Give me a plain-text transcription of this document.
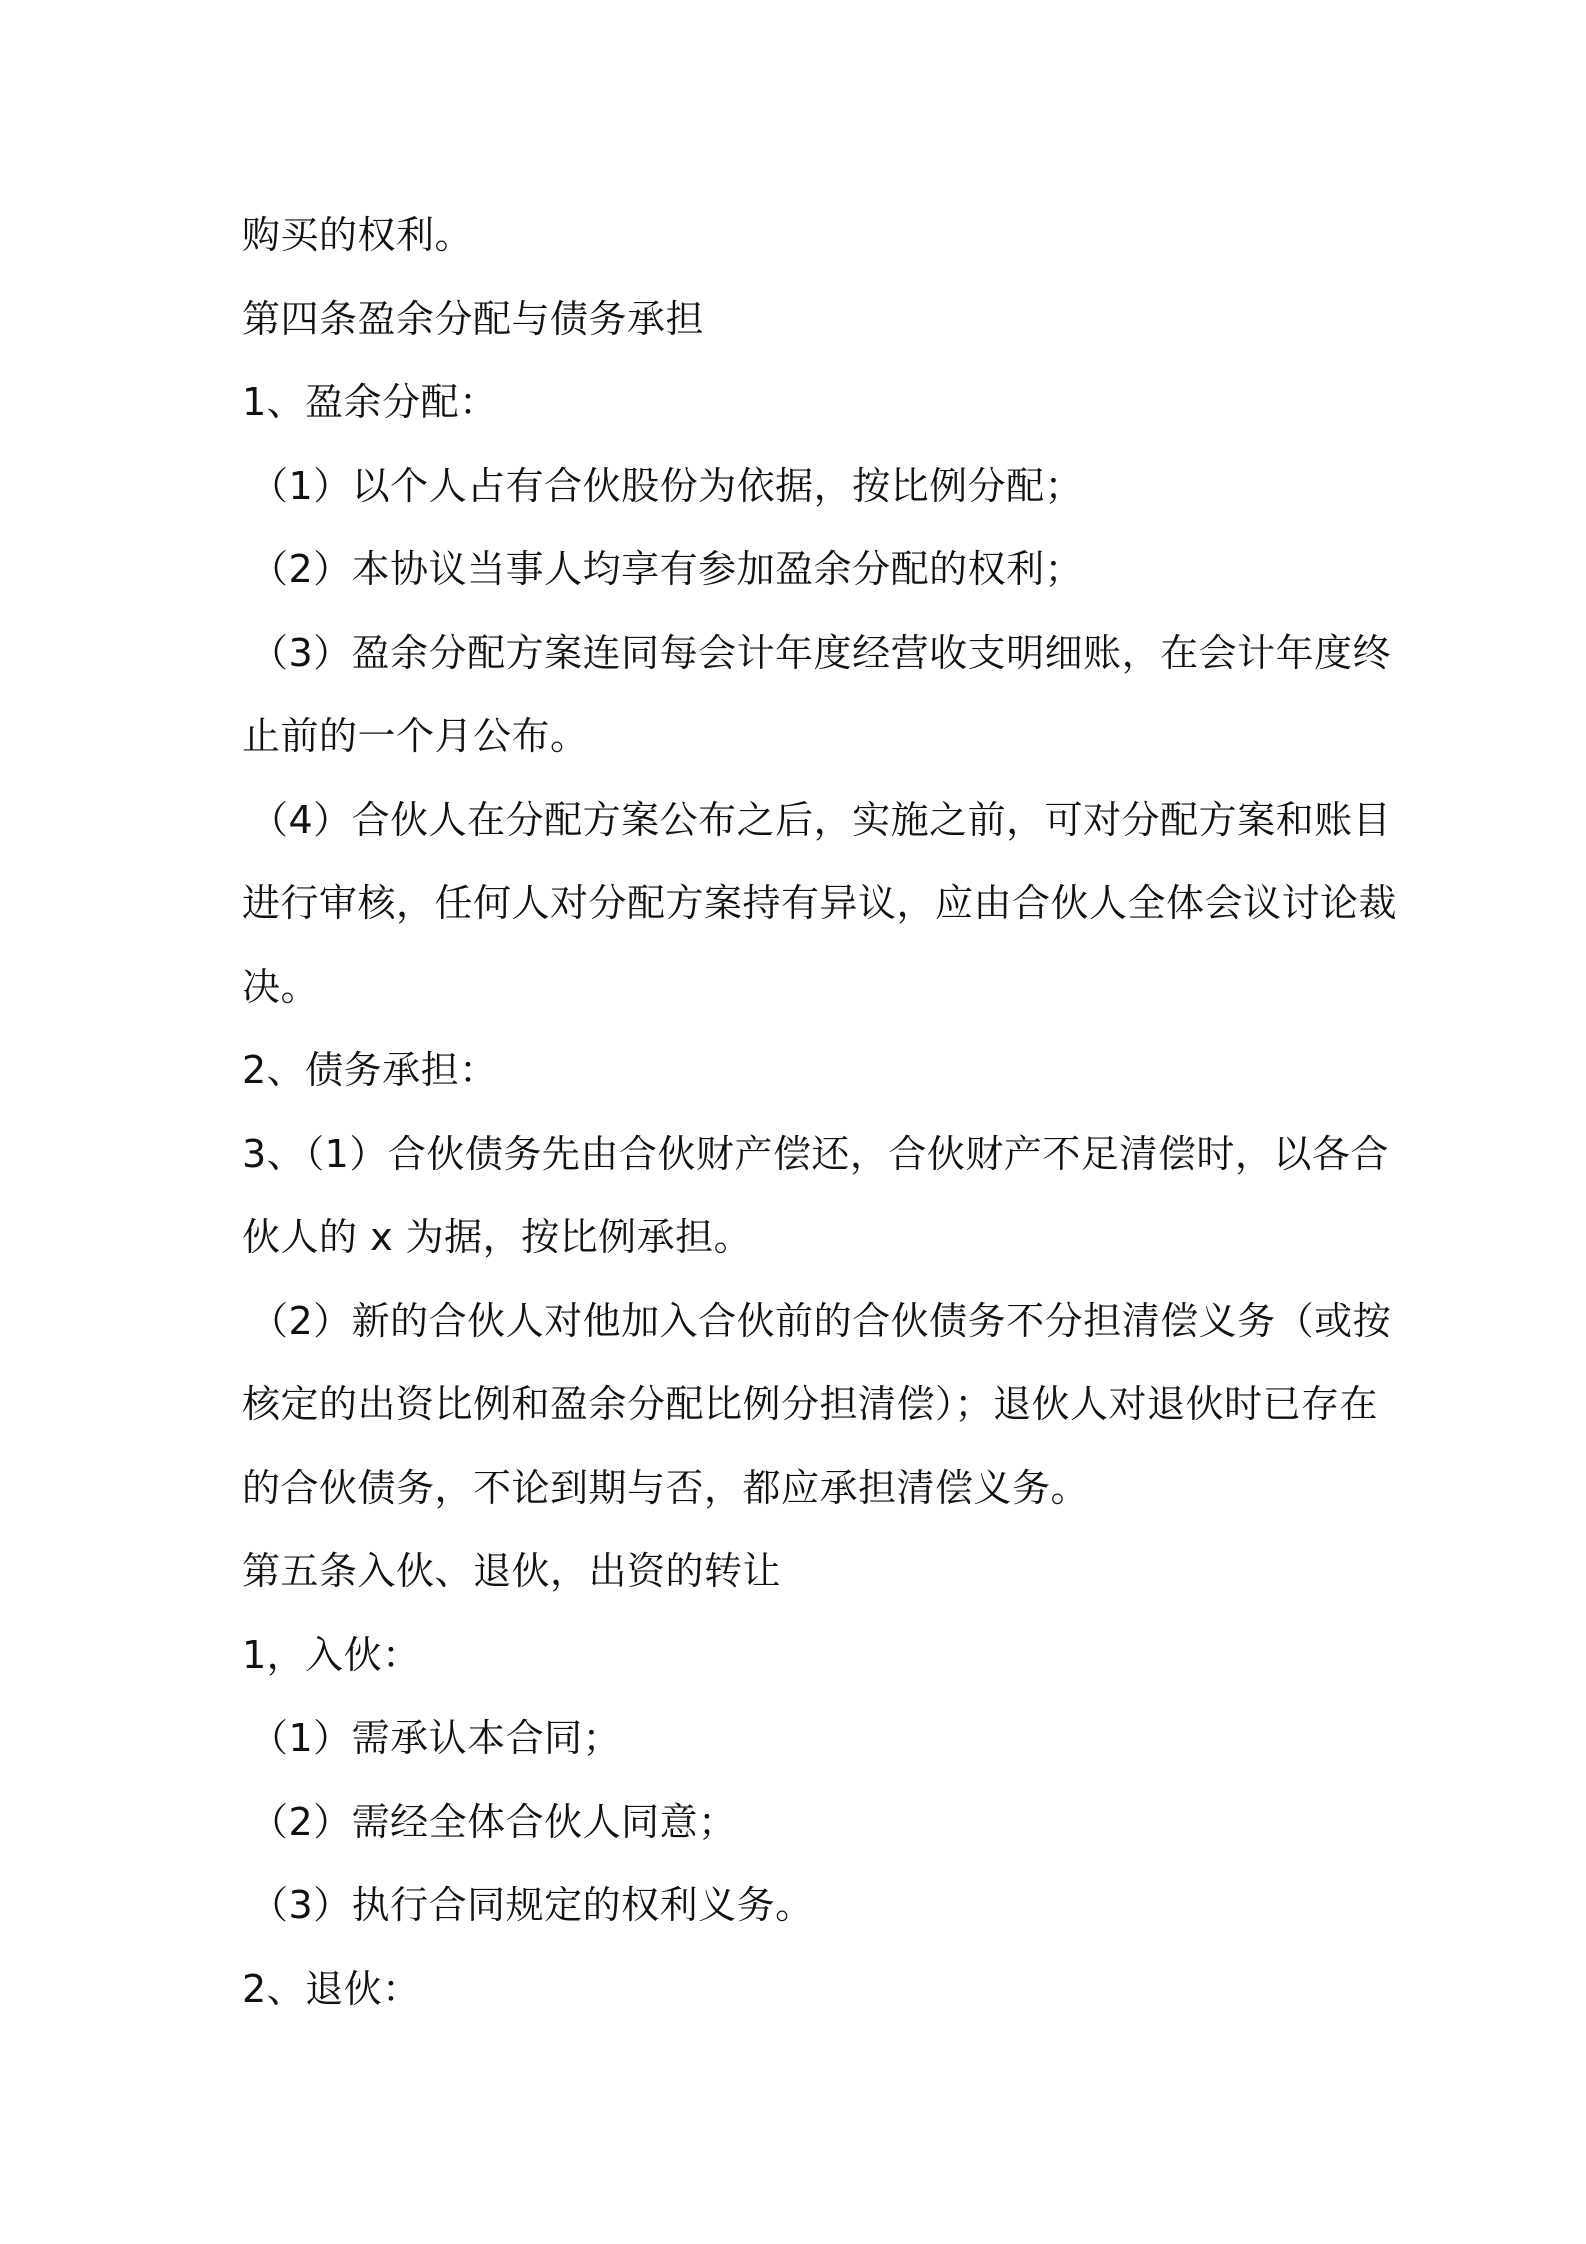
购买的权利。
第四条盈余分配与债务承担
1、盈余分配：
（1）以个人占有合伙股份为依据，按比例分配；
（2）本协议当事人均享有参加盈余分配的权利；
（3）盈余分配方案连同每会计年度经营收支明细账，在会计年度终
止前的一个月公布。
（4）合伙人在分配方案公布之后，实施之前，可对分配方案和账目
进行审核，任何人对分配方案持有异议，应由合伙人全体会议讨论裁
决。
2、债务承担：
3、（1）合伙债务先由合伙财产偿还，合伙财产不足清偿时，以各合
伙人的 x 为据，按比例承担。
（2）新的合伙人对他加入合伙前的合伙债务不分担清偿义务（或按
核定的出资比例和盈余分配比例分担清偿）；退伙人对退伙时已存在
的合伙债务，不论到期与否，都应承担清偿义务。
第五条入伙、退伙，出资的转让
1，入伙：
（1）需承认本合同；
（2）需经全体合伙人同意；
（3）执行合同规定的权利义务。
2、退伙：
